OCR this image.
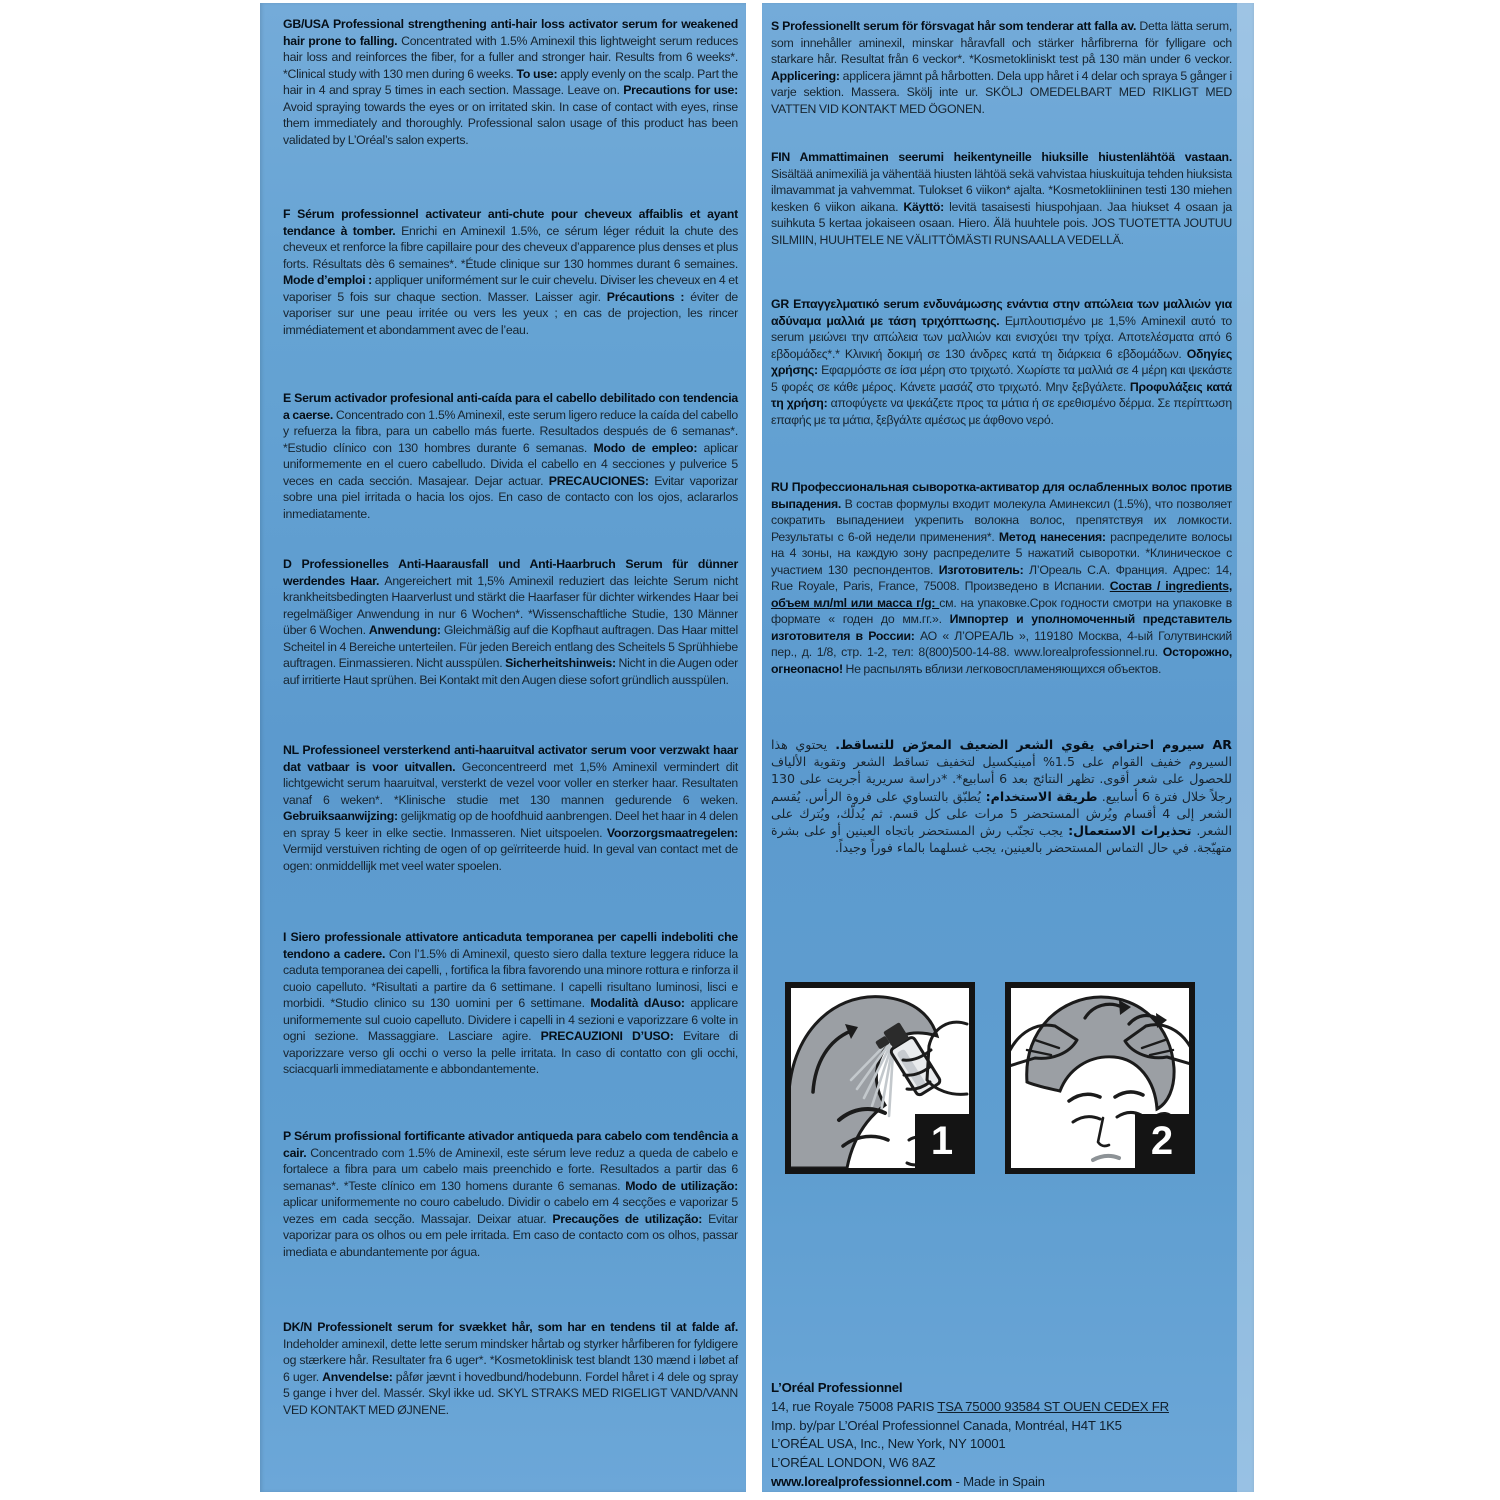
GB/USA Professional strengthening anti-hair loss activator serum for weakened hair prone to falling. Concentrated with 1.5% Aminexil this lightweight serum reduces hair loss and reinforces the fiber, for a fuller and stronger hair. Results from 6 weeks*. *Clinical study with 130 men during 6 weeks. To use: apply evenly on the scalp. Part the hair in 4 and spray 5 times in each section. Massage. Leave on. Precautions for use: Avoid spraying towards the eyes or on irritated skin. In case of contact with eyes, rinse them immediately and thoroughly. Professional salon usage of this product has been validated by L’Oréal’s salon experts.

F Sérum professionnel activateur anti-chute pour cheveux affaiblis et ayant tendance à tomber. Enrichi en Aminexil 1.5%, ce sérum léger réduit la chute des cheveux et renforce la fibre capillaire pour des cheveux d’apparence plus denses et plus forts. Résultats dès 6 semaines*. *Étude clinique sur 130 hommes durant 6 semaines. Mode d’emploi : appliquer uniformément sur le cuir chevelu. Diviser les cheveux en 4 et vaporiser 5 fois sur chaque section. Masser. Laisser agir. Précautions : éviter de vaporiser sur une peau irritée ou vers les yeux ; en cas de projection, les rincer immédiatement et abondamment avec de l’eau.

E Serum activador profesional anti-caída para el cabello debilitado con tendencia a caerse. Concentrado con 1.5% Aminexil, este serum ligero reduce la caída del cabello y refuerza la fibra, para un cabello más fuerte. Resultados después de 6 semanas*. *Estudio clínico con 130 hombres durante 6 semanas. Modo de empleo: aplicar uniformemente en el cuero cabelludo. Divida el cabello en 4 secciones y pulverice 5 veces en cada sección. Masajear. Dejar actuar. PRECAUCIONES: Evitar vaporizar sobre una piel irritada o hacia los ojos. En caso de contacto con los ojos, aclararlos inmediatamente.

D Professionelles Anti-Haarausfall und Anti-Haarbruch Serum für dünner werdendes Haar. Angereichert mit 1,5% Aminexil reduziert das leichte Serum nicht krankheitsbedingten Haarverlust und stärkt die Haarfaser für dichter wirkendes Haar bei regelmäßiger Anwendung in nur 6 Wochen*. *Wissenschaftliche Studie, 130 Männer über 6 Wochen. Anwendung: Gleichmäßig auf die Kopfhaut auftragen. Das Haar mittel Scheitel in 4 Bereiche unterteilen. Für jeden Bereich entlang des Scheitels 5 Sprühhiebe auftragen. Einmassieren. Nicht ausspülen. Sicherheitshinweis: Nicht in die Augen oder auf irritierte Haut sprühen. Bei Kontakt mit den Augen diese sofort gründlich ausspülen.

NL Professioneel versterkend anti-haaruitval activator serum voor verzwakt haar dat vatbaar is voor uitvallen. Geconcentreerd met 1,5% Aminexil vermindert dit lichtgewicht serum haaruitval, versterkt de vezel voor voller en sterker haar. Resultaten vanaf 6 weken*. *Klinische studie met 130 mannen gedurende 6 weken. Gebruiksaanwijzing: gelijkmatig op de hoofdhuid aanbrengen. Deel het haar in 4 delen en spray 5 keer in elke sectie. Inmasseren. Niet uitspoelen. Voorzorgsmaatregelen: Vermijd verstuiven richting de ogen of op geïrriteerde huid. In geval van contact met de ogen: onmiddellijk met veel water spoelen.

I Siero professionale attivatore anticaduta temporanea per capelli indeboliti che tendono a cadere. Con l’1.5% di Aminexil, questo siero dalla texture leggera riduce la caduta temporanea dei capelli, , fortifica la fibra favorendo una minore rottura e rinforza il cuoio capelluto. *Risultati a partire da 6 settimane. I capelli risultano luminosi, lisci e morbidi. *Studio clinico su 130 uomini per 6 settimane. Modalità dAuso: applicare uniformemente sul cuoio capelluto. Dividere i capelli in 4 sezioni e vaporizzare 6 volte in ogni sezione. Massaggiare. Lasciare agire. PRECAUZIONI D’USO: Evitare di vaporizzare verso gli occhi o verso la pelle irritata. In caso di contatto con gli occhi, sciacquarli immediatamente e abbondantemente.

P Sérum profissional fortificante ativador antiqueda para cabelo com tendência a cair. Concentrado com 1.5% de Aminexil, este sérum leve reduz a queda de cabelo e fortalece a fibra para um cabelo mais preenchido e forte. Resultados a partir das 6 semanas*. *Teste clínico em 130 homens durante 6 semanas. Modo de utilização: aplicar uniformemente no couro cabeludo. Dividir o cabelo em 4 secções e vaporizar 5 vezes em cada secção. Massajar. Deixar atuar. Precauções de utilização: Evitar vaporizar para os olhos ou em pele irritada. Em caso de contacto com os olhos, passar imediata e abundantemente por água.

DK/N Professionelt serum for svækket hår, som har en tendens til at falde af. Indeholder aminexil, dette lette serum mindsker hårtab og styrker hårfiberen for fyldigere og stærkere hår. Resultater fra 6 uger*. *Kosmetoklinisk test blandt 130 mænd i løbet af 6 uger. Anvendelse: påfør jævnt i hovedbund/hodebunn. Fordel håret i 4 dele og spray 5 gange i hver del. Massér. Skyl ikke ud. SKYL STRAKS MED RIGELIGT VAND/VANN VED KONTAKT MED ØJNENE.

S Professionellt serum för försvagat hår som tenderar att falla av. Detta lätta serum, som innehåller aminexil, minskar håravfall och stärker hårfibrerna för fylligare och starkare hår. Resultat från 6 veckor*. *Kosmetokliniskt test på 130 män under 6 veckor. Applicering: applicera jämnt på hårbotten. Dela upp håret i 4 delar och spraya 5 gånger i varje sektion. Massera. Skölj inte ur. SKÖLJ OMEDELBART MED RIKLIGT MED VATTEN VID KONTAKT MED ÖGONEN.

FIN Ammattimainen seerumi heikentyneille hiuksille hiustenlähtöä vastaan. Sisältää animexiliä ja vähentää hiusten lähtöä sekä vahvistaa hiuskuituja tehden hiuksista ilmavammat ja vahvemmat. Tulokset 6 viikon* ajalta. *Kosmetokliininen testi 130 miehen kesken 6 viikon aikana. Käyttö: levitä tasaisesti hiuspohjaan. Jaa hiukset 4 osaan ja suihkuta 5 kertaa jokaiseen osaan. Hiero. Älä huuhtele pois. JOS TUOTETTA JOUTUU SILMIIN, HUUHTELE NE VÄLITTÖMÄSTI RUNSAALLA VEDELLÄ.

GR Επαγγελματικό serum ενδυνάμωσης ενάντια στην απώλεια των μαλλιών για αδύναμα μαλλιά με τάση τριχόπτωσης. Εμπλουτισμένο με 1,5% Aminexil αυτό το serum μειώνει την απώλεια των μαλλιών και ενισχύει την τρίχα. Αποτελέσματα από 6 εβδομάδες*.* Κλινική δοκιμή σε 130 άνδρες κατά τη διάρκεια 6 εβδομάδων. Οδηγίες χρήσης: Εφαρμόστε σε ίσα μέρη στο τριχωτό. Χωρίστε τα μαλλιά σε 4 μέρη και ψεκάστε 5 φορές σε κάθε μέρος. Κάνετε μασάζ στο τριχωτό. Μην ξεβγάλετε. Προφυλάξεις κατά τη χρήση: αποφύγετε να ψεκάζετε προς τα μάτια ή σε ερεθισμένο δέρμα. Σε περίπτωση επαφής με τα μάτια, ξεβγάλτε αμέσως με άφθονο νερό.

RU Профессиональная сыворотка-активатор для ослабленных волос против выпадения. В состав формулы входит молекула Аминексил (1.5%), что позволяет сократить выпадениеи укрепить волокна волос, препятствуя их ломкости. Результаты с 6-ой недели применения*. Метод нанесения: распределите волосы на 4 зоны, на каждую зону распределите 5 нажатий сыворотки. *Клиническое с участием 130 респондентов. Изготовитель: Л’Ореаль С.А. Франция. Адрес: 14, Rue Royale, Paris, France, 75008. Произведено в Испании. Состав / ingredients, объем мл/ml или масса г/g: см. на упаковке.Срок годности смотри на упаковке в формате « годен до мм.гг.». Импортер и уполномоченный представитель изготовителя в России: АО « Л’ОРЕАЛЬ », 119180 Москва, 4-ый Голутвинский пер., д. 1/8, стр. 1-2, тел: 8(800)500-14-88. www.lorealprofessionnel.ru. Осторожно, огнеопасно! Не распылять вблизи легковоспламеняющихся объектов.

AR سيروم احترافي يقوي الشعر الضعيف المعرّض للتساقط. يحتوي هذا السيروم خفيف القوام على 1.5% أمينيكسيل لتخفيف تساقط الشعر وتقوية الألياف للحصول على شعر أقوى. تظهر النتائج بعد 6 أسابيع*. *دراسة سريرية أجريت على 130 رجلاً خلال فترة 6 أسابيع. طريقة الاستخدام: يُطبّق بالتساوي على فروة الرأس. يُقسم الشعر إلى 4 أقسام ويُرش المستحضر 5 مرات على كل قسم. ثم يُدلّك، ويُترك على الشعر. تحذيرات الاستعمال: يجب تجنّب رش المستحضر باتجاه العينين أو على بشرة متهيّجة. في حال التماس المستحضر بالعينين، يجب غسلهما بالماء فوراً وجيداً.

1	2
L’Oréal Professionnel
14, rue Royale 75008 PARIS TSA 75000 93584 ST OUEN CEDEX FR
Imp. by/par L’Oréal Professionnel Canada, Montréal, H4T 1K5
L’ORÉAL USA, Inc., New York, NY 10001
L’ORÉAL LONDON, W6 8AZ
www.lorealprofessionnel.com - Made in Spain
